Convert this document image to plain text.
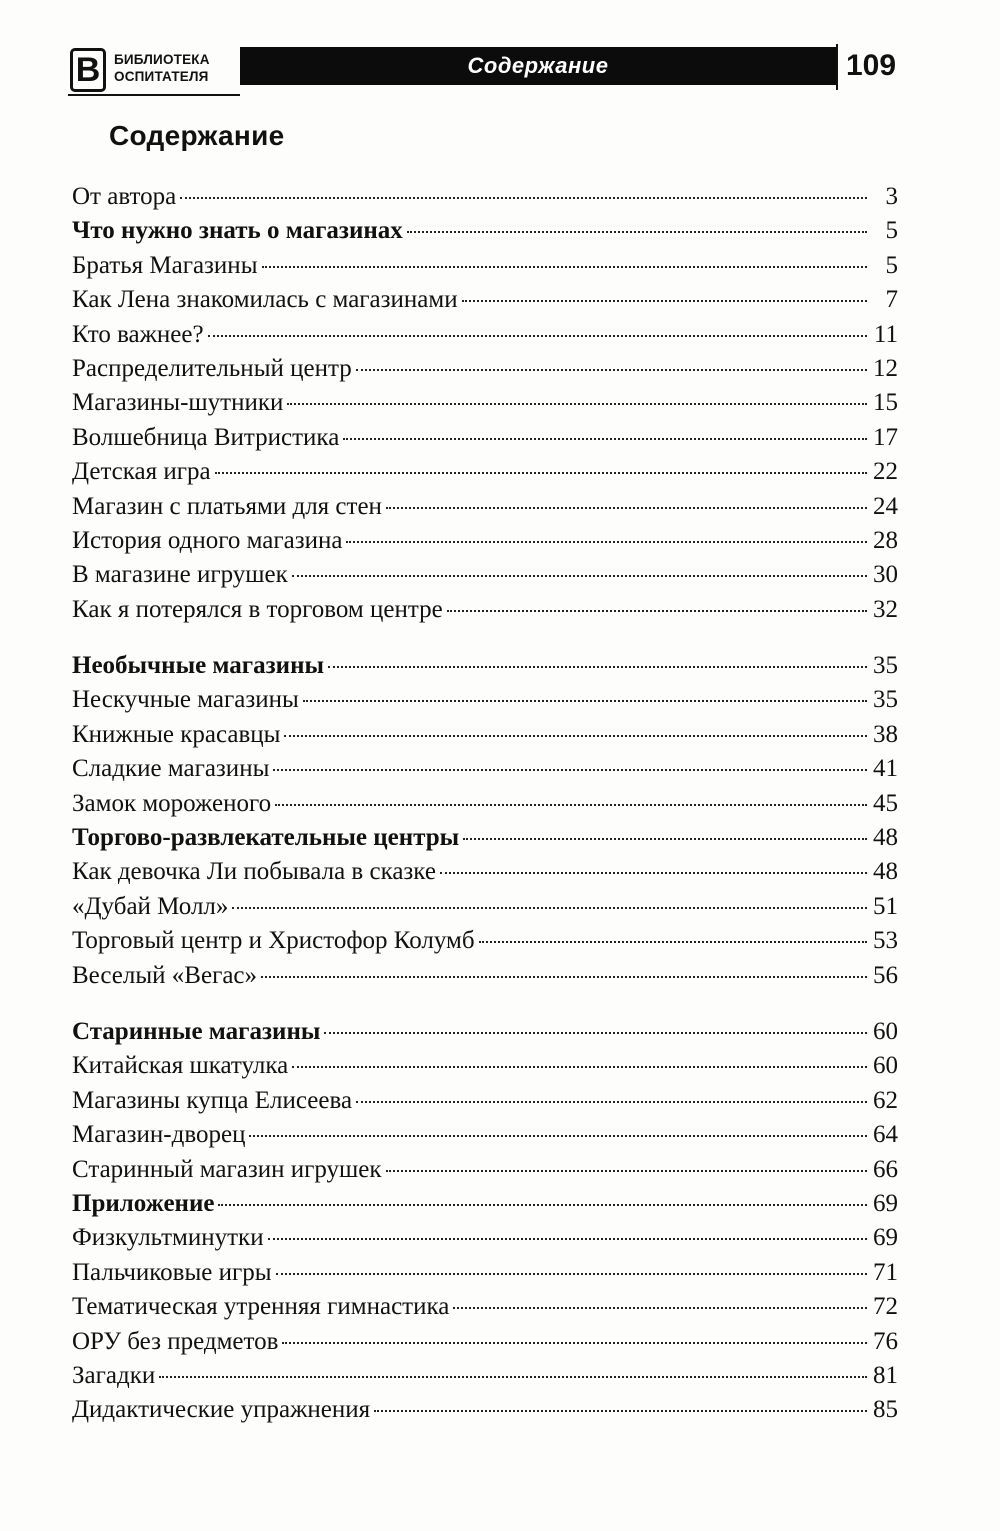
B БИБЛИОТЕКА
ОСПИТАТЕЛЯ	Содержание	109
Содержание
От автора	3
Что нужно знать о магазинах	5
Братья Магазины	5
Как Лена знакомилась с магазинами	7
Кто важнее?	11
Распределительный центр	12
Магазины-шутники	15
Волшебница Витристика	17
Детская игра	22
Магазин с платьями для стен	24
История одного магазина	28
В магазине игрушек	30
Как я потерялся в торговом центре	32
Необычные магазины	35
Нескучные магазины	35
Книжные красавцы	38
Сладкие магазины	41
Замок мороженого	45
Торгово-развлекательные центры	48
Как девочка Ли побывала в сказке	48
«Дубай Молл»	51
Торговый центр и Христофор Колумб	53
Веселый «Вегас»	56
Старинные магазины	60
Китайская шкатулка	60
Магазины купца Елисеева	62
Магазин-дворец	64
Старинный магазин игрушек	66
Приложение	69
Физкультминутки	69
Пальчиковые игры	71
Тематическая утренняя гимнастика	72
ОРУ без предметов	76
Загадки	81
Дидактические упражнения	85
